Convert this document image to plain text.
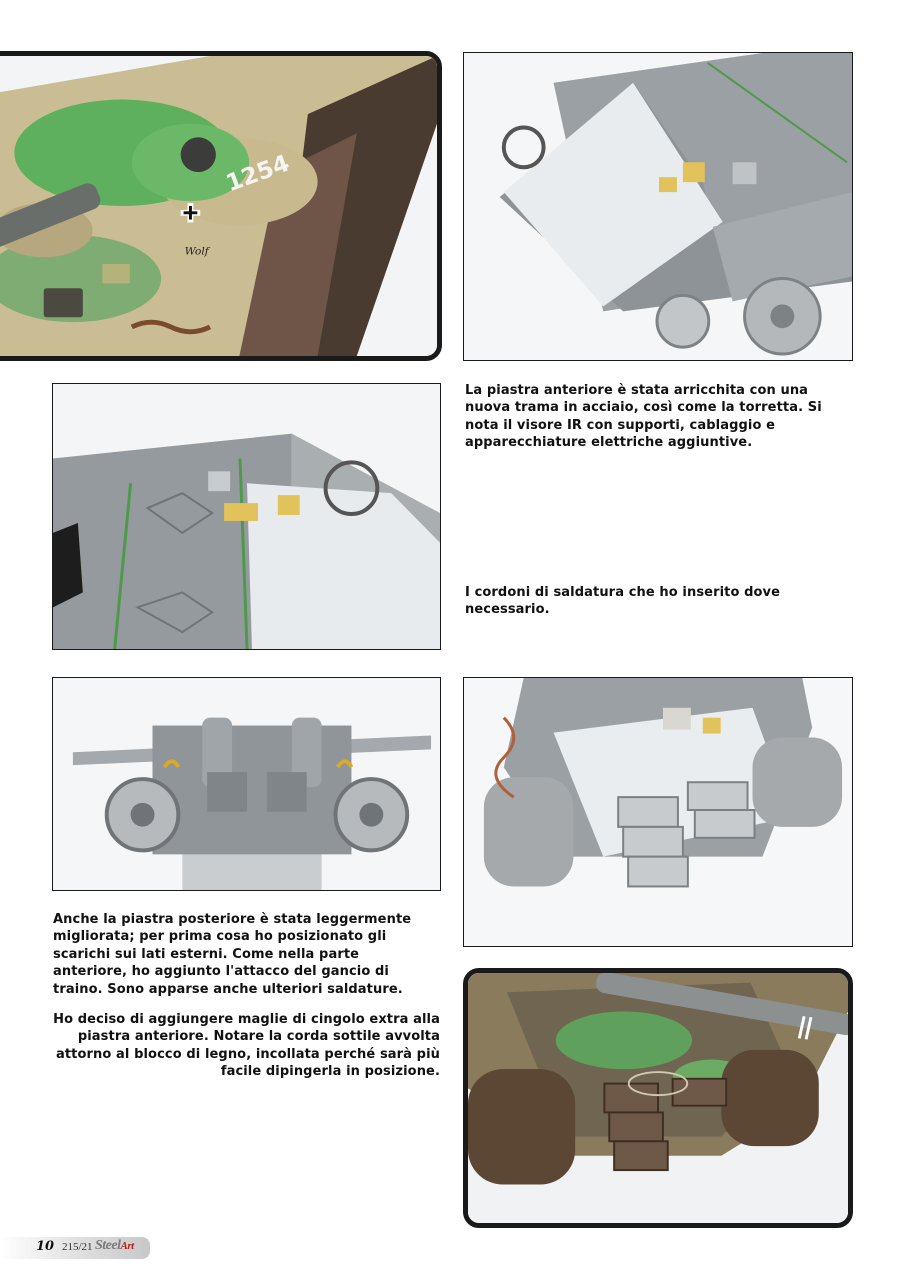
1254
Wolf

La piastra anteriore è stata arricchita con una nuova trama in acciaio, così come la torretta. Si nota il visore IR con supporti, cablaggio e apparecchiature elettriche aggiuntive.

I cordoni di saldatura che ho inserito dove necessario.

Anche la piastra posteriore è stata leggermente migliorata; per prima cosa ho posizionato gli scarichi sui lati esterni. Come nella parte anteriore, ho aggiunto l'attacco del gancio di traino. Sono apparse anche ulteriori saldature.

Ho deciso di aggiungere maglie di cingolo extra alla piastra anteriore. Notare la corda sottile avvolta attorno al blocco di legno, incollata perché sarà più facile dipingerla in posizione.

10 215/21 SteelArt
